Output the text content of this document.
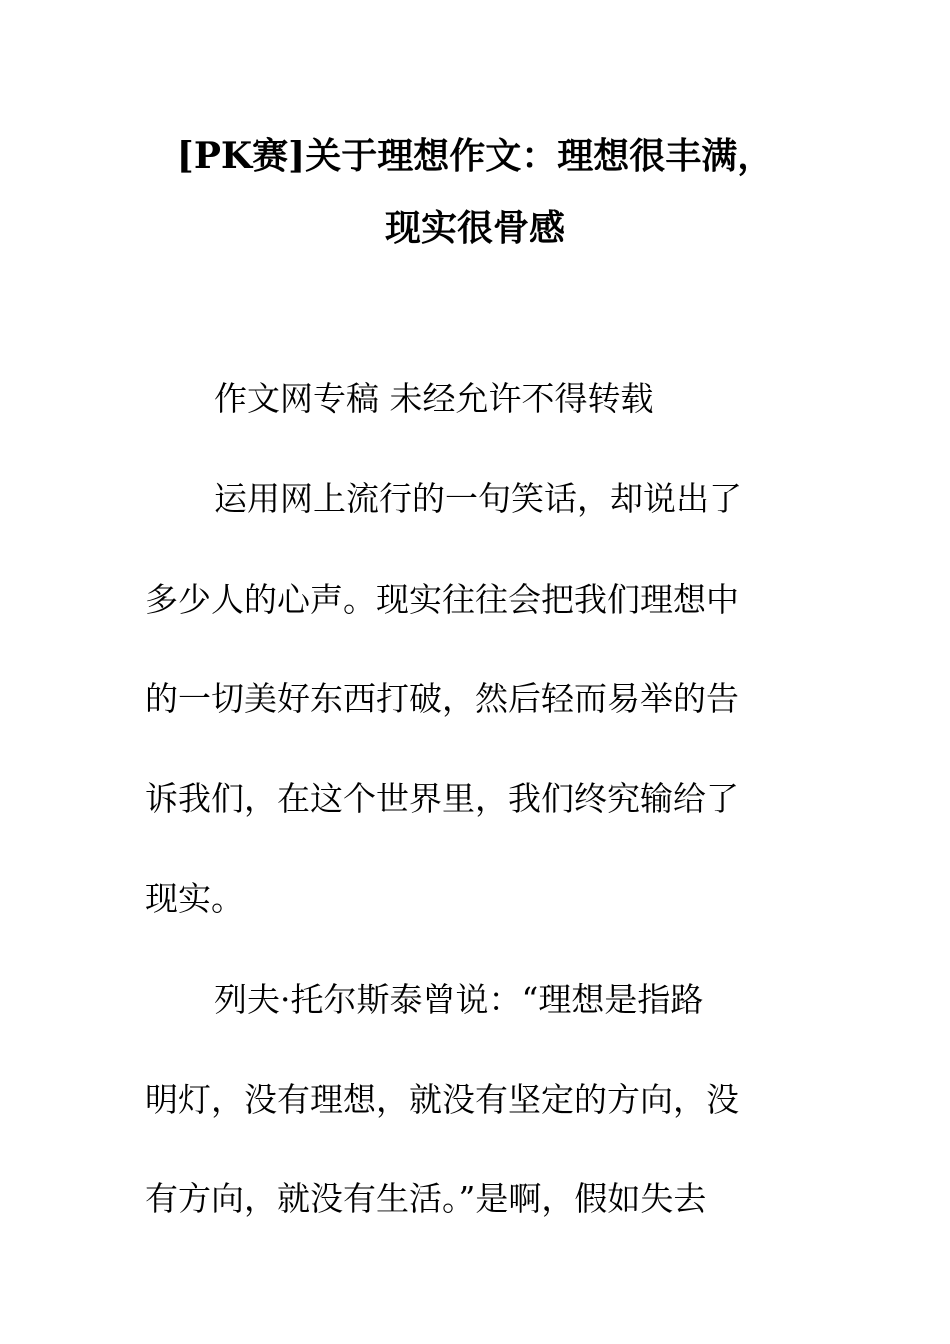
[PK赛]关于理想作文：理想很丰满，
现实很骨感
作文网专稿 未经允许不得转载
运用网上流行的一句笑话，却说出了
多少人的心声。现实往往会把我们理想中
的一切美好东西打破，然后轻而易举的告
诉我们，在这个世界里，我们终究输给了
现实。
列夫·托尔斯泰曾说：“理想是指路
明灯，没有理想，就没有坚定的方向，没
有方向，就没有生活。”是啊，假如失去
